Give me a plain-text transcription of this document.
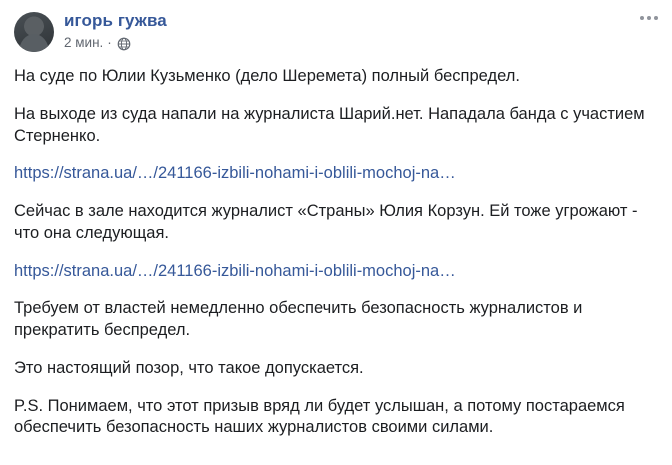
игорь гужва
2 мин. ·

На суде по Юлии Кузьменко (дело Шеремета) полный беспредел.

На выходе из суда напали на журналиста Шарий.нет. Нападала банда с участием Стерненко.

https://strana.ua/…/241166-izbili-nohami-i-oblili-mochoj-na…

Сейчас в зале находится журналист «Страны» Юлия Корзун. Ей тоже угрожают - что она следующая.

https://strana.ua/…/241166-izbili-nohami-i-oblili-mochoj-na…

Требуем от властей немедленно обеспечить безопасность журналистов и прекратить беспредел.

Это настоящий позор, что такое допускается.

P.S. Понимаем, что этот призыв вряд ли будет услышан, а потому постараемся обеспечить безопасность наших журналистов своими силами.
